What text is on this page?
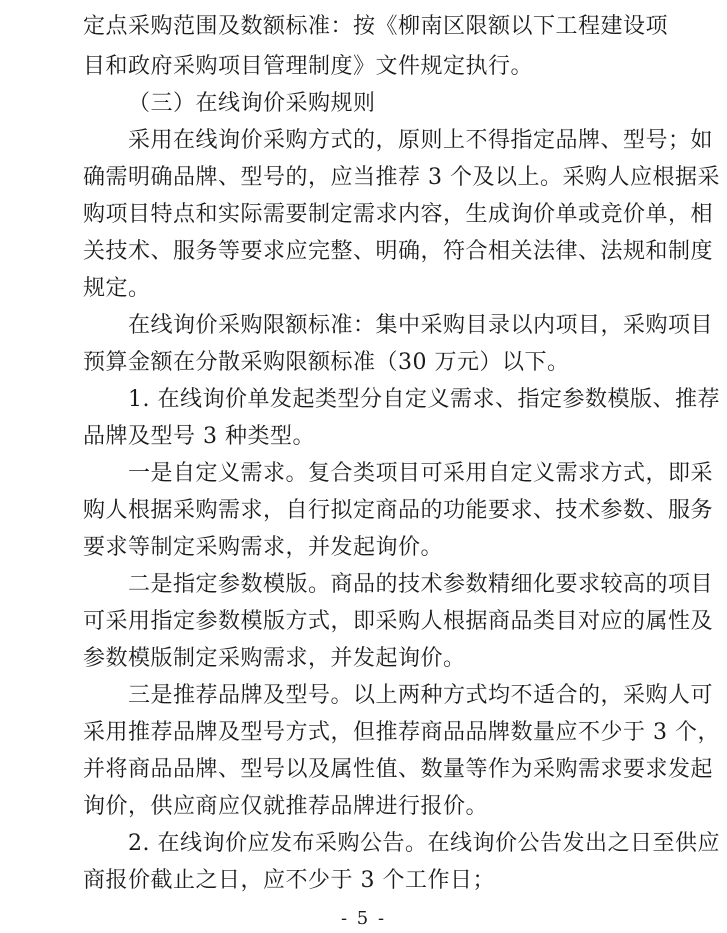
定点采购范围及数额标准：按《柳南区限额以下工程建设项
目和政府采购项目管理制度》文件规定执行。
（三）在线询价采购规则
采用在线询价采购方式的，原则上不得指定品牌、型号；如
确需明确品牌、型号的，应当推荐 3 个及以上。采购人应根据采
购项目特点和实际需要制定需求内容，生成询价单或竞价单，相
关技术、服务等要求应完整、明确，符合相关法律、法规和制度
规定。
在线询价采购限额标准：集中采购目录以内项目，采购项目
预算金额在分散采购限额标准（30 万元）以下。
1. 在线询价单发起类型分自定义需求、指定参数模版、推荐
品牌及型号 3 种类型。
一是自定义需求。复合类项目可采用自定义需求方式，即采
购人根据采购需求，自行拟定商品的功能要求、技术参数、服务
要求等制定采购需求，并发起询价。
二是指定参数模版。商品的技术参数精细化要求较高的项目
可采用指定参数模版方式，即采购人根据商品类目对应的属性及
参数模版制定采购需求，并发起询价。
三是推荐品牌及型号。以上两种方式均不适合的，采购人可
采用推荐品牌及型号方式，但推荐商品品牌数量应不少于 3 个，
并将商品品牌、型号以及属性值、数量等作为采购需求要求发起
询价，供应商应仅就推荐品牌进行报价。
2. 在线询价应发布采购公告。在线询价公告发出之日至供应
商报价截止之日，应不少于 3 个工作日；
- 5 -
